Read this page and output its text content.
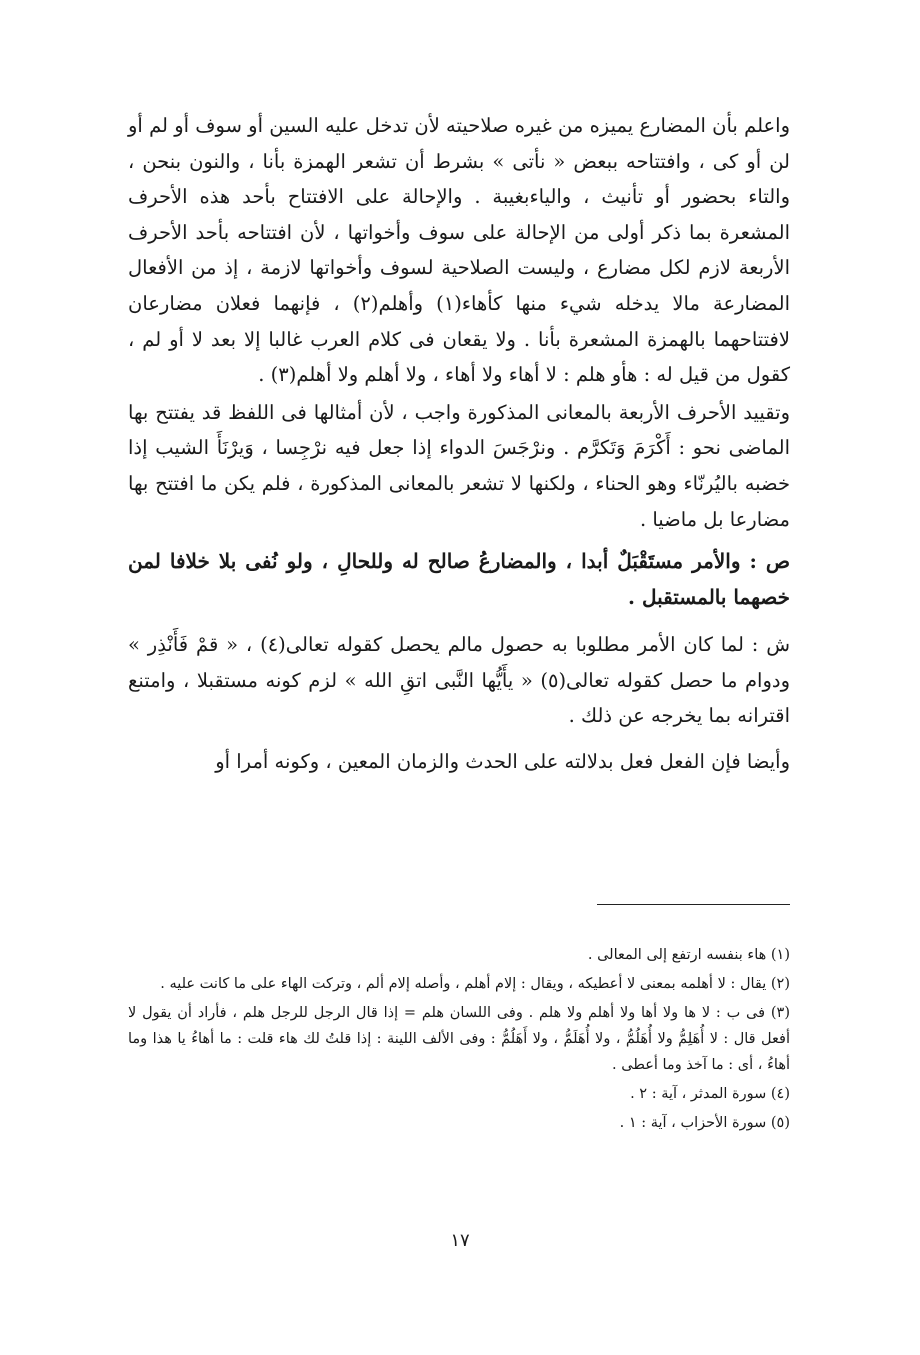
واعلم بأن المضارع يميزه من غيره صلاحيته لأن تدخل عليه السين أو سوف أو لم أو لن أو كى ، وافتتاحه ببعض « نأتى » بشرط أن تشعر الهمزة بأنا ، والنون بنحن ، والتاء بحضور أو تأنيث ، والياءبغيبة . والإحالة على الافتتاح بأحد هذه الأحرف المشعرة بما ذكر أولى من الإحالة على سوف وأخواتها ، لأن افتتاحه بأحد الأحرف الأربعة لازم لكل مضارع ، وليست الصلاحية لسوف وأخواتها لازمة ، إذ من الأفعال المضارعة مالا يدخله شيء منها كأهاء(١) وأهلم(٢) ، فإنهما فعلان مضارعان لافتتاحهما بالهمزة المشعرة بأنا . ولا يقعان فى كلام العرب غالبا إلا بعد لا أو لم ، كقول من قيل له : هأو هلم : لا أهاء ولا أهاء ، ولا أهلم ولا أهلم(٣) .

وتقييد الأحرف الأربعة بالمعانى المذكورة واجب ، لأن أمثالها فى اللفظ قد يفتتح بها الماضى نحو : أَكْرَمَ وَتَكرَّم . ونرْجَسَ الدواء إذا جعل فيه نرْجِسا ، وَيرْنَأَ الشيب إذا خضبه باليُرنّاء وهو الحناء ، ولكنها لا تشعر بالمعانى المذكورة ، فلم يكن ما افتتح بها مضارعا بل ماضيا .

ص : والأمر مستَقْبَلٌ أبدا ، والمضارعُ صالح له وللحالِ ، ولو نُفى بلا خلافا لمن خصهما بالمستقبل .

ش : لما كان الأمر مطلوبا به حصول مالم يحصل كقوله تعالى(٤) ، « قمْ فَأَنْذِر » ودوام ما حصل كقوله تعالى(٥) « يأَيُّها النَّبى اتقِ الله » لزم كونه مستقبلا ، وامتنع اقترانه بما يخرجه عن ذلك .

وأيضا فإن الفعل فعل بدلالته على الحدث والزمان المعين ، وكونه أمرا أو

(١) هاء بنفسه ارتفع إلى المعالى .

(٢) يقال : لا أهلمه بمعنى لا أعطيكه ، ويقال : إلام أهلم ، وأصله إلام ألم ، وتركت الهاء على ما كانت عليه .

(٣) فى ب : لا ها ولا أها ولا أهلم ولا هلم . وفى اللسان هلم = إذا قال الرجل للرجل هلم ، فأراد أن يقول لا أفعل قال : لا أُهَلِمُّ ولا أُهَلُمُّ ، ولا أُهَلَمُّ ، ولا أَهَلُمُّ : وفى الألف اللينة : إذا قلتُ لك هاء قلت : ما أهاءُ يا هذا وما أهاءُ ، أى : ما آخذ وما أعطى .

(٤) سورة المدثر ، آية : ٢ .

(٥) سورة الأحزاب ، آية : ١ .

١٧
